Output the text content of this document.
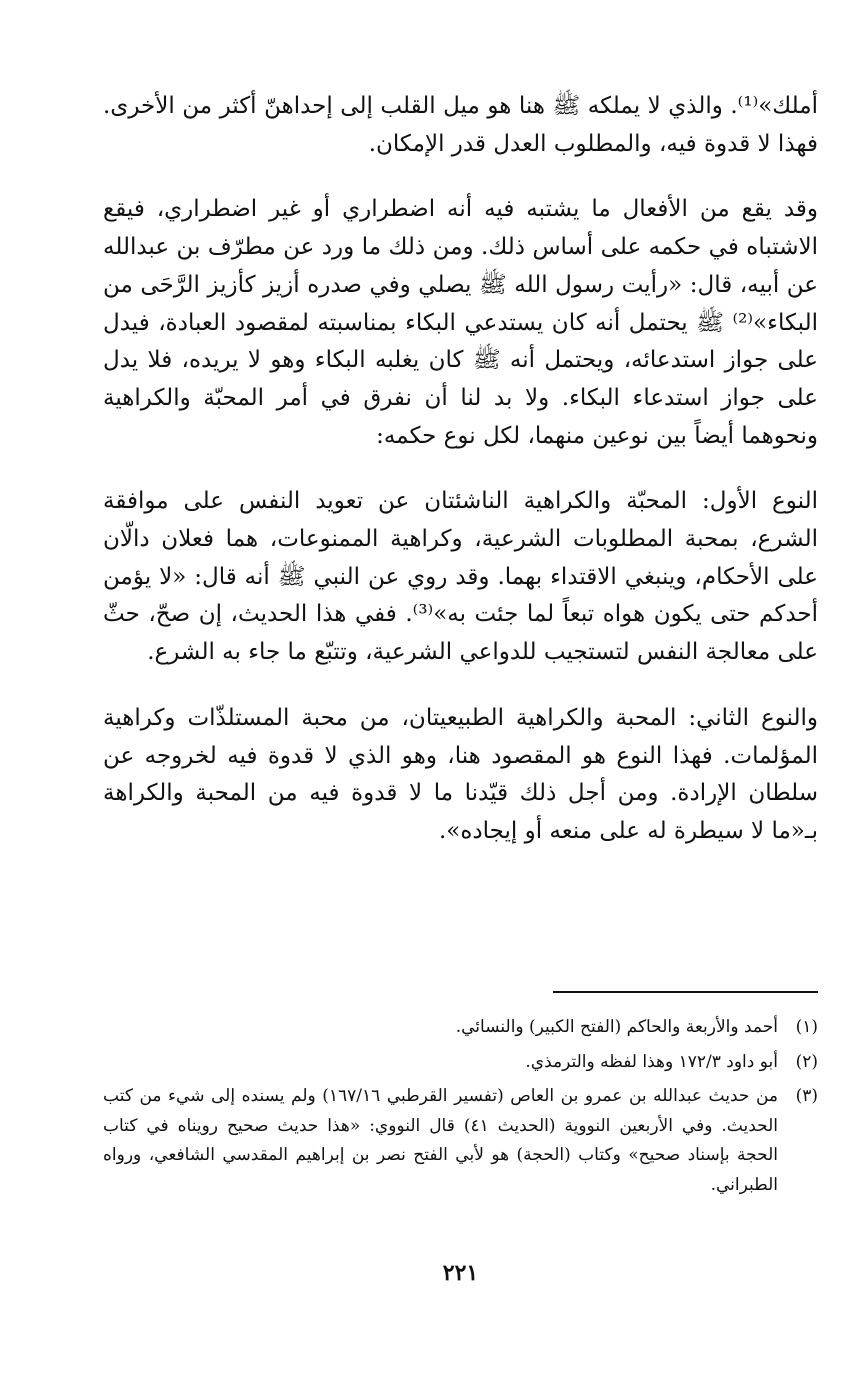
أملك»⁽¹⁾. والذي لا يملكه ﷺ هنا هو ميل القلب إلى إحداهنّ أكثر من الأخرى. فهذا لا قدوة فيه، والمطلوب العدل قدر الإمكان.

وقد يقع من الأفعال ما يشتبه فيه أنه اضطراري أو غير اضطراري، فيقع الاشتباه في حكمه على أساس ذلك. ومن ذلك ما ورد عن مطرّف بن عبدالله عن أبيه، قال: «رأيت رسول الله ﷺ يصلي وفي صدره أزيز كأزيز الرَّحَى من البكاء»⁽²⁾ ﷺ يحتمل أنه كان يستدعي البكاء بمناسبته لمقصود العبادة، فيدل على جواز استدعائه، ويحتمل أنه ﷺ كان يغلبه البكاء وهو لا يريده، فلا يدل على جواز استدعاء البكاء. ولا بد لنا أن نفرق في أمر المحبّة والكراهية ونحوهما أيضاً بين نوعين منهما، لكل نوع حكمه:

النوع الأول: المحبّة والكراهية الناشئتان عن تعويد النفس على موافقة الشرع، بمحبة المطلوبات الشرعية، وكراهية الممنوعات، هما فعلان دالّان على الأحكام، وينبغي الاقتداء بهما. وقد روي عن النبي ﷺ أنه قال: «لا يؤمن أحدكم حتى يكون هواه تبعاً لما جئت به»⁽³⁾. ففي هذا الحديث، إن صحّ، حثّ على معالجة النفس لتستجيب للدواعي الشرعية، وتتبّع ما جاء به الشرع.

والنوع الثاني: المحبة والكراهية الطبيعيتان، من محبة المستلذّات وكراهية المؤلمات. فهذا النوع هو المقصود هنا، وهو الذي لا قدوة فيه لخروجه عن سلطان الإرادة. ومن أجل ذلك قيّدنا ما لا قدوة فيه من المحبة والكراهة بـ«ما لا سيطرة له على منعه أو إيجاده».

(١)
أحمد والأربعة والحاكم (الفتح الكبير) والنسائي.
(٢)
أبو داود ١٧٢/٣ وهذا لفظه والترمذي.
(٣)
من حديث عبدالله بن عمرو بن العاص (تفسير القرطبي ١٦٧/١٦) ولم يسنده إلى شيء من كتب الحديث. وفي الأربعين النووية (الحديث ٤١) قال النووي: «هذا حديث صحيح رويناه في كتاب الحجة بإسناد صحيح» وكتاب (الحجة) هو لأبي الفتح نصر بن إبراهيم المقدسي الشافعي، ورواه الطبراني.
٢٢١
